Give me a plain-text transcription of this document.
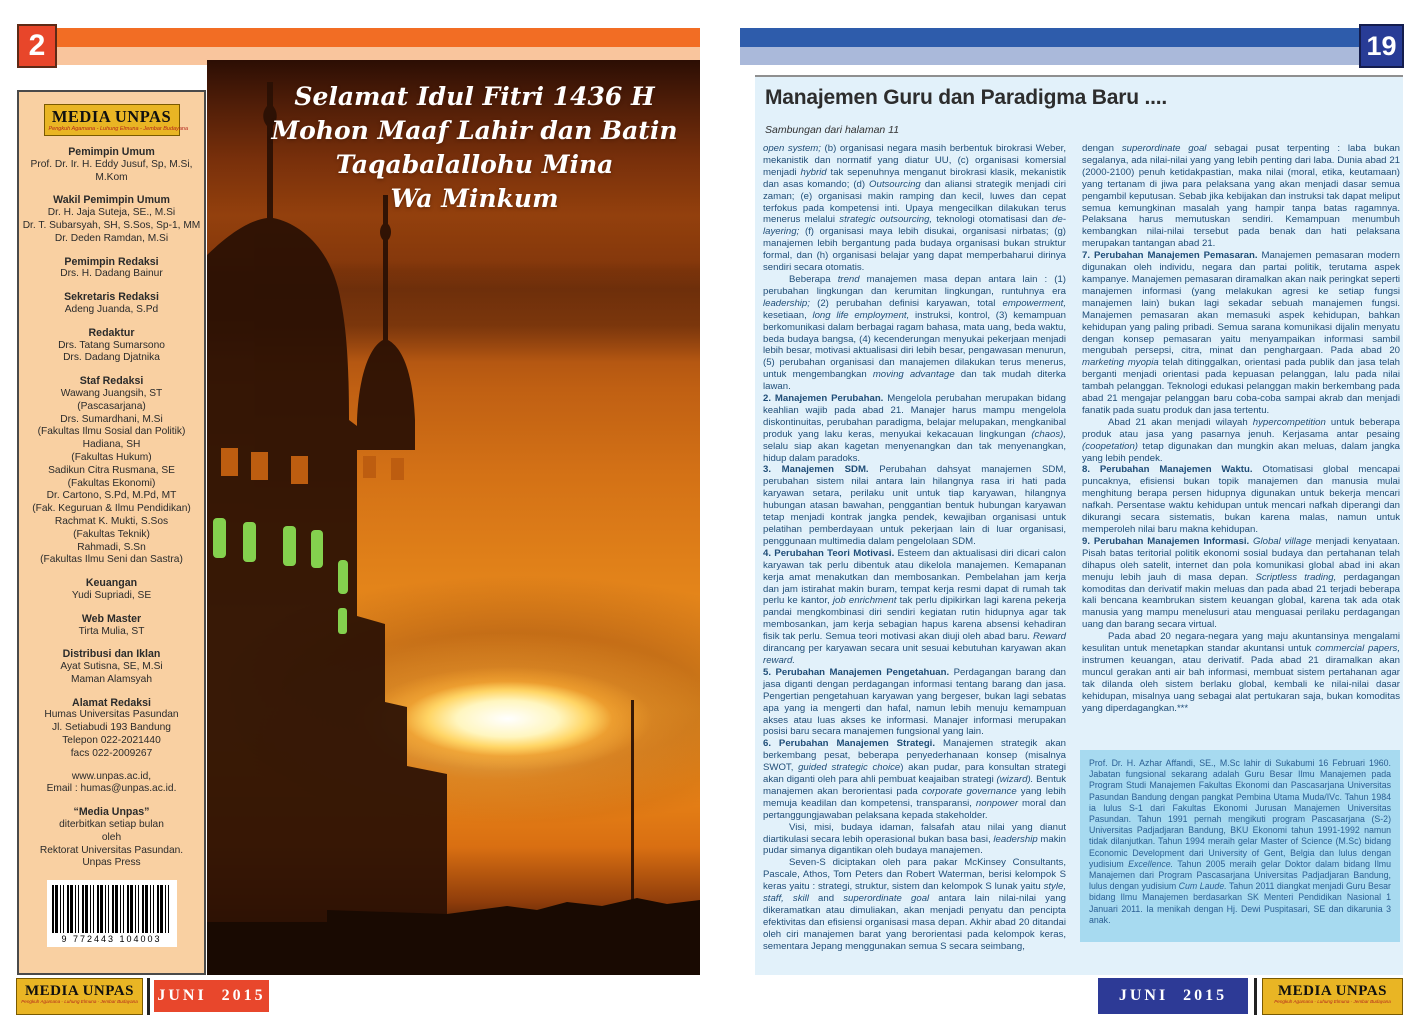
2
MEDIA UNPAS
Pengkuh Agamana - Luhung Elmuna - Jembar Budayana
Pemimpin Umum
Prof. Dr. Ir. H. Eddy Jusuf, Sp, M.Si, M.Kom
Wakil Pemimpin Umum
Dr. H. Jaja Suteja, SE., M.Si
Dr. T. Subarsyah, SH, S.Sos, Sp-1, MM
Dr. Deden Ramdan, M.Si
Pemimpin Redaksi
Drs. H. Dadang Bainur
Sekretaris Redaksi
Adeng Juanda, S.Pd
Redaktur
Drs. Tatang Sumarsono
Drs. Dadang Djatnika
Staf Redaksi
Wawang Juangsih, ST
(Pascasarjana)
Drs. Sumardhani, M.Si
(Fakultas Ilmu Sosial dan Politik)
Hadiana, SH
(Fakultas Hukum)
Sadikun Citra Rusmana, SE
(Fakultas Ekonomi)
Dr. Cartono, S.Pd, M.Pd, MT
(Fak. Keguruan & Ilmu Pendidikan)
Rachmat K. Mukti, S.Sos
(Fakultas Teknik)
Rahmadi, S.Sn
(Fakultas Ilmu Seni dan Sastra)
Keuangan
Yudi Supriadi, SE
Web Master
Tirta Mulia, ST
Distribusi dan Iklan
Ayat Sutisna, SE, M.Si
Maman Alamsyah
Alamat Redaksi
Humas Universitas Pasundan
Jl. Setiabudi 193 Bandung
Telepon 022-2021440
facs 022-2009267
www.unpas.ac.id,
Email : humas@unpas.ac.id.
“Media Unpas”
diterbitkan setiap bulan
oleh
Rektorat Universitas Pasundan.
Unpas Press
9 772443 104003
Selamat Idul Fitri 1436 H
Mohon Maaf Lahir dan Batin
Taqabalallohu Mina
Wa Minkum
MEDIA UNPAS
Pengkuh Agamana - Luhung Elmuna - Jembar Budayana JUNI 2015
19
Manajemen Guru dan Paradigma Baru ....
Sambungan dari halaman 11

open system; (b) organisasi negara masih berbentuk birokrasi Weber, mekanistik dan normatif yang diatur UU, (c) organisasi komersial menjadi hybrid tak sepenuhnya menganut birokrasi klasik, mekanistik dan asas komando; (d) Outsourcing dan aliansi strategik menjadi ciri zaman; (e) organisasi makin ramping dan kecil, luwes dan cepat terfokus pada kompetensi inti. Upaya mengecilkan dilakukan terus menerus melalui strategic outsourcing, teknologi otomatisasi dan de-layering; (f) organisasi maya lebih disukai, organisasi nirbatas; (g) manajemen lebih bergantung pada budaya organisasi bukan struktur formal, dan (h) organisasi belajar yang dapat memperbaharui dirinya sendiri secara otomatis.

Beberapa trend manajemen masa depan antara lain : (1) perubahan lingkungan dan kerumitan lingkungan, runtuhnya era leadership; (2) perubahan definisi karyawan, total empowerment, kesetiaan, long life employment, instruksi, kontrol, (3) kemampuan berkomunikasi dalam berbagai ragam bahasa, mata uang, beda waktu, beda budaya bangsa, (4) kecenderungan menyukai pekerjaan menjadi lebih besar, motivasi aktualisasi diri lebih besar, pengawasan menurun, (5) perubahan organisasi dan manajemen dilakukan terus menerus, untuk mengembangkan moving advantage dan tak mudah diterka lawan.

2. Manajemen Perubahan. Mengelola perubahan merupakan bidang keahlian wajib pada abad 21. Manajer harus mampu mengelola diskontinuitas, perubahan paradigma, belajar melupakan, mengkanibal produk yang laku keras, menyukai kekacauan lingkungan (chaos), selalu siap akan kagetan menyenangkan dan tak menyenangkan, hidup dalam paradoks.

3. Manajemen SDM. Perubahan dahsyat manajemen SDM, perubahan sistem nilai antara lain hilangnya rasa iri hati pada karyawan setara, perilaku unit untuk tiap karyawan, hilangnya hubungan atasan bawahan, penggantian bentuk hubungan karyawan tetap menjadi kontrak jangka pendek, kewajiban organisasi untuk pelatihan pemberdayaan untuk pekerjaan lain di luar organisasi, penggunaan multimedia dalam pengelolaan SDM.

4. Perubahan Teori Motivasi. Esteem dan aktualisasi diri dicari calon karyawan tak perlu dibentuk atau dikelola manajemen. Kemapanan kerja amat menakutkan dan membosankan. Pembelahan jam kerja dan jam istirahat makin buram, tempat kerja resmi dapat di rumah tak perlu ke kantor, job enrichment tak perlu dipikirkan lagi karena pekerja pandai mengkombinasi diri sendiri kegiatan rutin hidupnya agar tak membosankan, jam kerja sebagian hapus karena absensi kehadiran fisik tak perlu. Semua teori motivasi akan diuji oleh abad baru. Reward dirancang per karyawan secara unit sesuai kebutuhan karyawan akan reward.

5. Perubahan Manajemen Pengetahuan. Perdagangan barang dan jasa diganti dengan perdagangan informasi tentang barang dan jasa. Pengertian pengetahuan karyawan yang bergeser, bukan lagi sebatas apa yang ia mengerti dan hafal, namun lebih menuju kemampuan akses atau luas akses ke informasi. Manajer informasi merupakan posisi baru secara manajemen fungsional yang lain.

6. Perubahan Manajemen Strategi. Manajemen strategik akan berkembang pesat, beberapa penyederhanaan konsep (misalnya SWOT, guided strategic choice) akan pudar, para konsultan strategi akan diganti oleh para ahli pembuat keajaiban strategi (wizard). Bentuk manajemen akan berorientasi pada corporate governance yang lebih memuja keadilan dan kompetensi, transparansi, nonpower moral dan pertanggungjawaban pelaksana kepada stakeholder.

Visi, misi, budaya idaman, falsafah atau nilai yang dianut diartikulasi secara lebih operasional bukan basa basi, leadership makin pudar simanya digantikan oleh budaya manajemen.

Seven-S diciptakan oleh para pakar McKinsey Consultants, Pascale, Athos, Tom Peters dan Robert Waterman, berisi kelompok S keras yaitu : strategi, struktur, sistem dan kelompok S lunak yaitu style, staff, skill and superordinate goal antara lain nilai-nilai yang dikeramatkan atau dimuliakan, akan menjadi penyatu dan pencipta efektivitas dan efisiensi organisasi masa depan. Akhir abad 20 ditandai oleh ciri manajemen barat yang berorientasi pada kelompok keras, sementara Jepang menggunakan semua S secara seimbang,

dengan superordinate goal sebagai pusat terpenting : laba bukan segalanya, ada nilai-nilai yang yang lebih penting dari laba. Dunia abad 21 (2000-2100) penuh ketidakpastian, maka nilai (moral, etika, keutamaan) yang tertanam di jiwa para pelaksana yang akan menjadi dasar semua pengambil keputusan. Sebab jika kebijakan dan instruksi tak dapat meliput semua kemungkinan masalah yang hampir tanpa batas ragamnya. Pelaksana harus memutuskan sendiri. Kemampuan menumbuh kembangkan nilai-nilai tersebut pada benak dan hati pelaksana merupakan tantangan abad 21.

7. Perubahan Manajemen Pemasaran. Manajemen pemasaran modern digunakan oleh individu, negara dan partai politik, terutama aspek kampanye. Manajemen pemasaran diramalkan akan naik peringkat seperti manajemen informasi (yang melakukan agresi ke setiap fungsi manajemen lain) bukan lagi sekadar sebuah manajemen fungsi. Manajemen pemasaran akan memasuki aspek kehidupan, bahkan kehidupan yang paling pribadi. Semua sarana komunikasi dijalin menyatu dengan konsep pemasaran yaitu menyampaikan informasi sambil mengubah persepsi, citra, minat dan penghargaan. Pada abad 20 marketing myopia telah ditinggalkan, orientasi pada publik dan jasa telah berganti menjadi orientasi pada kepuasan pelanggan, lalu pada nilai tambah pelanggan. Teknologi edukasi pelanggan makin berkembang pada abad 21 mengajar pelanggan baru coba-coba sampai akrab dan menjadi fanatik pada suatu produk dan jasa tertentu.

Abad 21 akan menjadi wilayah hypercompetition untuk beberapa produk atau jasa yang pasarnya jenuh. Kerjasama antar pesaing (coopetation) tetap digunakan dan mungkin akan meluas, dalam jangka yang lebih pendek.

8. Perubahan Manajemen Waktu. Otomatisasi global mencapai puncaknya, efisiensi bukan topik manajemen dan manusia mulai menghitung berapa persen hidupnya digunakan untuk bekerja mencari nafkah. Persentase waktu kehidupan untuk mencari nafkah diperangi dan dikurangi secara sistematis, bukan karena malas, namun untuk memperoleh nilai baru makna kehidupan.

9. Perubahan Manajemen Informasi. Global village menjadi kenyataan. Pisah batas teritorial politik ekonomi sosial budaya dan pertahanan telah dihapus oleh satelit, internet dan pola komunikasi global abad ini akan menuju lebih jauh di masa depan. Scriptless trading, perdagangan komoditas dan derivatif makin meluas dan pada abad 21 terjadi beberapa kali bencana keambrukan sistem keuangan global, karena tak ada otak manusia yang mampu menelusuri atau menguasai perilaku perdagangan uang dan barang secara virtual.

Pada abad 20 negara-negara yang maju akuntansinya mengalami kesulitan untuk menetapkan standar akuntansi untuk commercial papers, instrumen keuangan, atau derivatif. Pada abad 21 diramalkan akan muncul gerakan anti air bah informasi, membuat sistem pertahanan agar tak dilanda oleh sistem berlaku global, kembali ke nilai-nilai dasar kehidupan, misalnya uang sebagai alat pertukaran saja, bukan komoditas yang diperdagangkan.***

Prof. Dr. H. Azhar Affandi, SE., M.Sc lahir di Sukabumi 16 Februari 1960. Jabatan fungsional sekarang adalah Guru Besar Ilmu Manajemen pada Program Studi Manajemen Fakultas Ekonomi dan Pascasarjana Universitas Pasundan Bandung dengan pangkat Pembina Utama Muda/IVc. Tahun 1984 ia lulus S-1 dari Fakultas Ekonomi Jurusan Manajemen Universitas Pasundan. Tahun 1991 pernah mengikuti program Pascasarjana (S-2) Universitas Padjadjaran Bandung, BKU Ekonomi tahun 1991-1992 namun tidak dilanjutkan. Tahun 1994 meraih gelar Master of Science (M.Sc) bidang Economic Development dari University of Gent, Belgia dan lulus dengan yudisium Excellence. Tahun 2005 meraih gelar Doktor dalam bidang Ilmu Manajemen dari Program Pascasarjana Universitas Padjadjaran Bandung, lulus dengan yudisium Cum Laude. Tahun 2011 diangkat menjadi Guru Besar bidang Ilmu Manajemen berdasarkan SK Menteri Pendidikan Nasional 1 Januari 2011. Ia menikah dengan Hj. Dewi Puspitasari, SE dan dikarunia 3 anak.
JUNI 2015	MEDIA UNPAS
Pengkuh Agamana - Luhung Elmuna - Jembar Budayana
